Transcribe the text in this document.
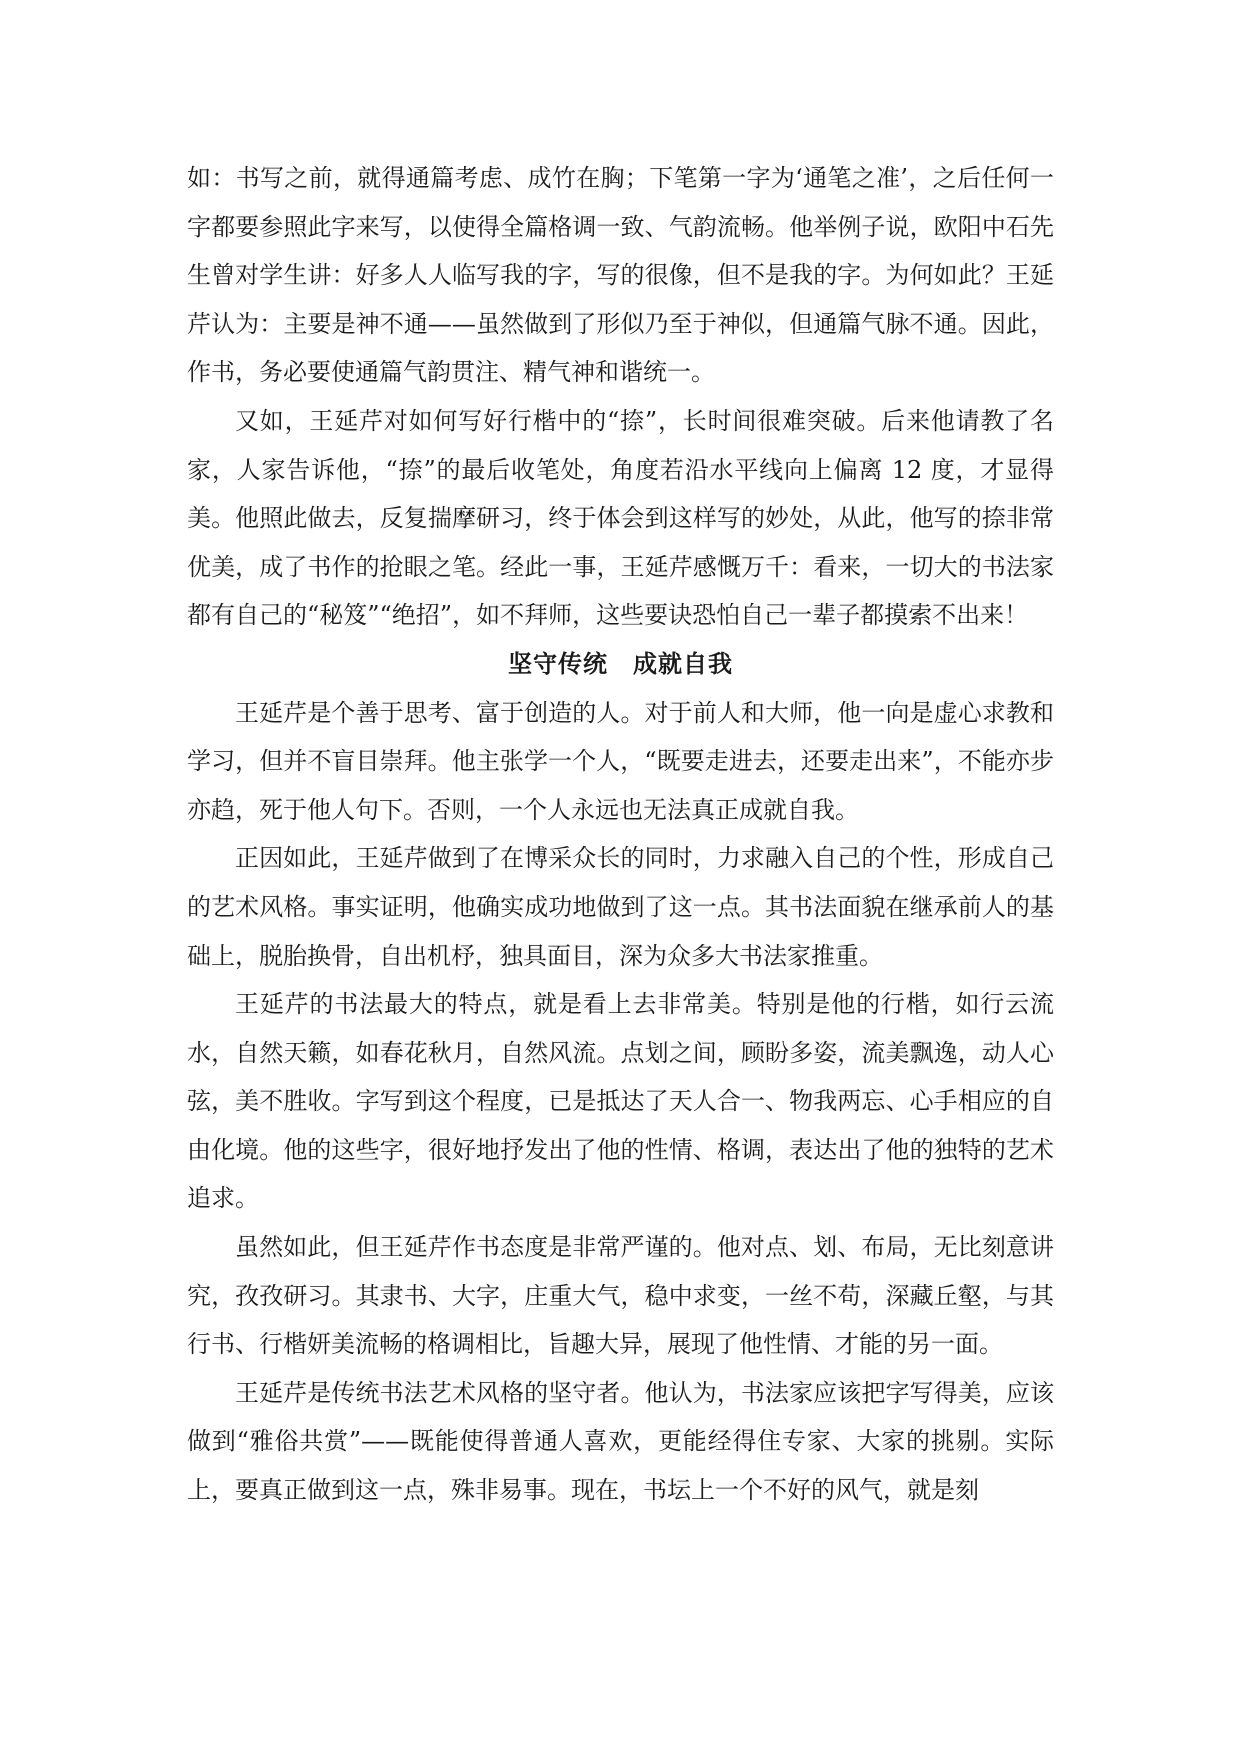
如：书写之前，就得通篇考虑、成竹在胸；下笔第一字为‘通笔之准’，之后任何一字都要参照此字来写，以使得全篇格调一致、气韵流畅。他举例子说，欧阳中石先生曾对学生讲：好多人人临写我的字，写的很像，但不是我的字。为何如此？王延芹认为：主要是神不通——虽然做到了形似乃至于神似，但通篇气脉不通。因此，作书，务必要使通篇气韵贯注、精气神和谐统一。

又如，王延芹对如何写好行楷中的“捺”，长时间很难突破。后来他请教了名家，人家告诉他，“捺”的最后收笔处，角度若沿水平线向上偏离 12 度，才显得美。他照此做去，反复揣摩研习，终于体会到这样写的妙处，从此，他写的捺非常优美，成了书作的抢眼之笔。经此一事，王延芹感慨万千：看来，一切大的书法家都有自己的“秘笈”“绝招”，如不拜师，这些要诀恐怕自己一辈子都摸索不出来！

坚守传统　成就自我

王延芹是个善于思考、富于创造的人。对于前人和大师，他一向是虚心求教和学习，但并不盲目崇拜。他主张学一个人，“既要走进去，还要走出来”，不能亦步亦趋，死于他人句下。否则，一个人永远也无法真正成就自我。

正因如此，王延芹做到了在博采众长的同时，力求融入自己的个性，形成自己的艺术风格。事实证明，他确实成功地做到了这一点。其书法面貌在继承前人的基础上，脱胎换骨，自出机杼，独具面目，深为众多大书法家推重。

王延芹的书法最大的特点，就是看上去非常美。特别是他的行楷，如行云流水，自然天籁，如春花秋月，自然风流。点划之间，顾盼多姿，流美飘逸，动人心弦，美不胜收。字写到这个程度，已是抵达了天人合一、物我两忘、心手相应的自由化境。他的这些字，很好地抒发出了他的性情、格调，表达出了他的独特的艺术追求。

虽然如此，但王延芹作书态度是非常严谨的。他对点、划、布局，无比刻意讲究，孜孜研习。其隶书、大字，庄重大气，稳中求变，一丝不苟，深藏丘壑，与其行书、行楷妍美流畅的格调相比，旨趣大异，展现了他性情、才能的另一面。

王延芹是传统书法艺术风格的坚守者。他认为，书法家应该把字写得美，应该做到“雅俗共赏”——既能使得普通人喜欢，更能经得住专家、大家的挑剔。实际上，要真正做到这一点，殊非易事。现在，书坛上一个不好的风气，就是刻
